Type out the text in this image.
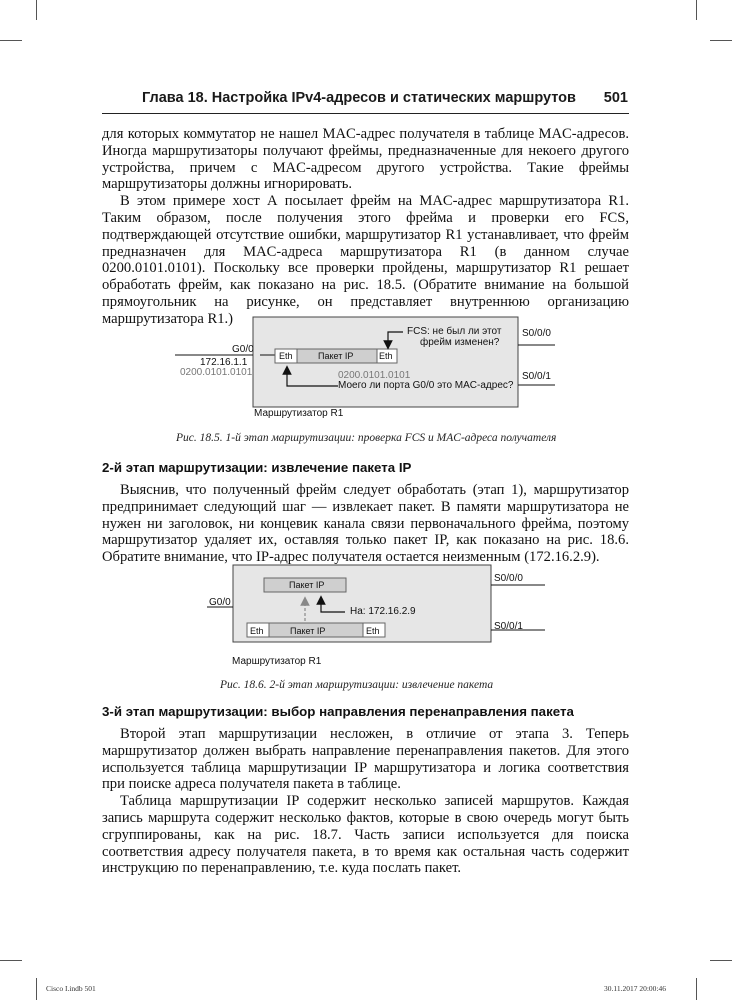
Глава 18. Настройка IPv4-адресов и статических маршрутов 501

для которых коммутатор не нашел MAC-адрес получателя в таблице MAC-адресов. Иногда маршрутизаторы получают фреймы, предназначенные для некоего другого устройства, причем с MAC-адресом другого устройства. Такие фреймы маршрутизаторы должны игнорировать.

В этом примере хост А посылает фрейм на MAC-адрес маршрутизатора R1. Таким образом, после получения этого фрейма и проверки его FCS, подтверждающей отсутствие ошибки, маршрутизатор R1 устанавливает, что фрейм предназначен для MAC-адреса маршрутизатора R1 (в данном случае 0200.0101.0101). Поскольку все проверки пройдены, маршрутизатор R1 решает обработать фрейм, как показано на рис. 18.5. (Обратите внимание на большой прямоугольник на рисунке, он представляет внутреннюю организацию маршрутизатора R1.)

G0/0
172.16.1.1
0200.0101.0101
Eth	Пакет IP	Eth
FCS: не был ли этот
фрейм изменен?
0200.0101.0101
Моего ли порта G0/0 это MAC-адрес?
S0/0/0
S0/0/1
Маршрутизатор R1
Рис. 18.5. 1-й этап маршрутизации: проверка FCS и MAC-адреса получателя
2-й этап маршрутизации: извлечение пакета IP

Выяснив, что полученный фрейм следует обработать (этап 1), маршрутизатор предпринимает следующий шаг — извлекает пакет. В памяти маршрутизатора не нужен ни заголовок, ни концевик канала связи первоначального фрейма, поэтому маршрутизатор удаляет их, оставляя только пакет IP, как показано на рис. 18.6. Обратите внимание, что IP-адрес получателя остается неизменным (172.16.2.9).

Пакет IP
На: 172.16.2.9
G0/0
Eth	Пакет IP	Eth
S0/0/0
S0/0/1
Маршрутизатор R1
Рис. 18.6. 2-й этап маршрутизации: извлечение пакета
3-й этап маршрутизации: выбор направления перенаправления пакета

Второй этап маршрутизации несложен, в отличие от этапа 3. Теперь маршрутизатор должен выбрать направление перенаправления пакетов. Для этого используется таблица маршрутизации IP маршрутизатора и логика соответствия при поиске адреса получателя пакета в таблице.

Таблица маршрутизации IP содержит несколько записей маршрутов. Каждая запись маршрута содержит несколько фактов, которые в свою очередь могут быть сгруппированы, как на рис. 18.7. Часть записи используется для поиска соответствия адресу получателя пакета, в то время как остальная часть содержит инструкцию по перенаправлению, т.е. куда послать пакет.

Cisco I.indb 501	30.11.2017 20:00:46
